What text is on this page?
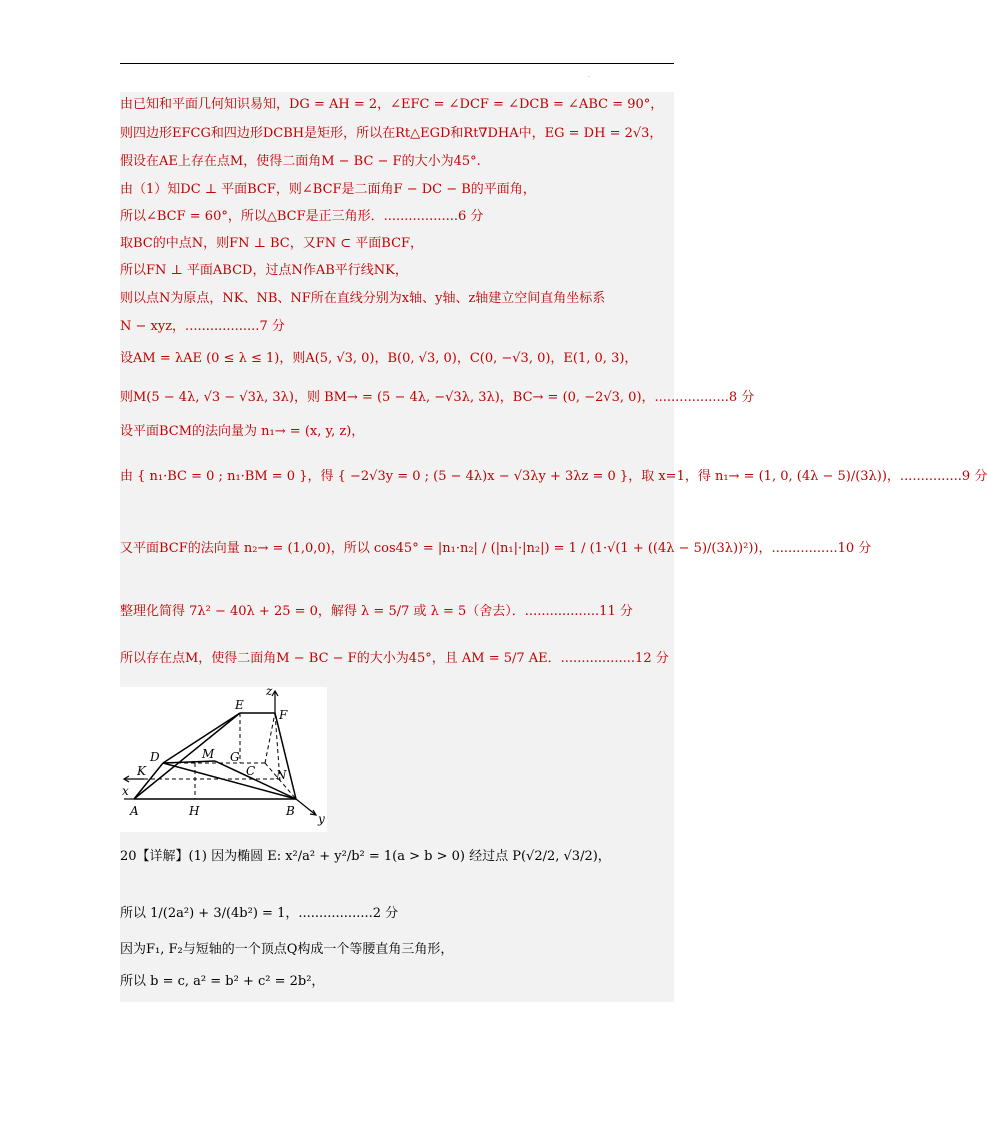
.
由已知和平面几何知识易知，DG = AH = 2，∠EFC = ∠DCF = ∠DCB = ∠ABC = 90°，
则四边形EFCG和四边形DCBH是矩形，所以在Rt△EGD和Rt∇DHA中，EG = DH = 2√3，
假设在AE上存在点M，使得二面角M − BC − F的大小为45°.
由（1）知DC ⊥ 平面BCF，则∠BCF是二面角F − DC − B的平面角，
所以∠BCF = 60°，所以△BCF是正三角形．..................6 分
取BC的中点N，则FN ⊥ BC，又FN ⊂ 平面BCF，
所以FN ⊥ 平面ABCD，过点N作AB平行线NK，
则以点N为原点，NK、NB、NF所在直线分别为x轴、y轴、z轴建立空间直角坐标系
N − xyz，..................7 分
设AM = λAE (0 ≤ λ ≤ 1)，则A(5, √3, 0)，B(0, √3, 0)，C(0, −√3, 0)，E(1, 0, 3)，
则M(5 − 4λ, √3 − √3λ, 3λ)，则 BM→ = (5 − 4λ, −√3λ, 3λ)，BC→ = (0, −2√3, 0)，..................8 分
设平面BCM的法向量为 n₁→ = (x, y, z)，
由 { n₁·BC = 0 ; n₁·BM = 0 }，得 { −2√3y = 0 ; (5 − 4λ)x − √3λy + 3λz = 0 }，取 x=1，得 n₁→ = (1, 0, (4λ − 5)/(3λ))，...............9 分
又平面BCF的法向量 n₂→ = (1,0,0)，所以 cos45° = |n₁·n₂| / (|n₁|·|n₂|) = 1 / (1·√(1 + ((4λ − 5)/(3λ))²))，................10 分
整理化简得 7λ² − 40λ + 25 = 0，解得 λ = 5/7 或 λ = 5（舍去）．..................11 分
所以存在点M，使得二面角M − BC − F的大小为45°，且 AM = 5/7 AE．..................12 分
z
E
F
D	M G
K	C N
x
A	H	B
y
20【详解】(1) 因为椭圆 E: x²/a² + y²/b² = 1(a > b > 0) 经过点 P(√2/2, √3/2)，
所以 1/(2a²) + 3/(4b²) = 1，..................2 分
因为F₁, F₂与短轴的一个顶点Q构成一个等腰直角三角形，
所以 b = c, a² = b² + c² = 2b²，
